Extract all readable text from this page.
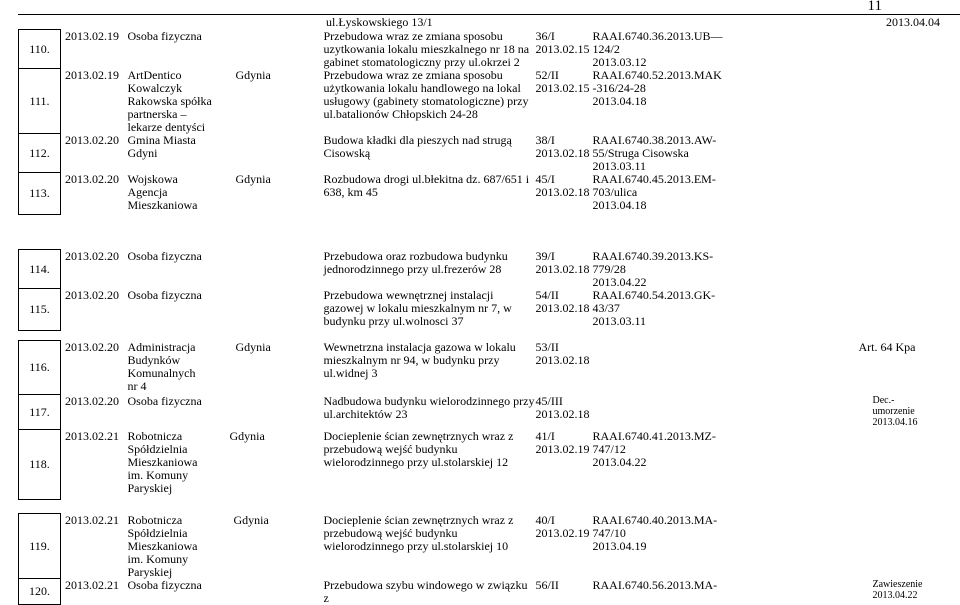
11
ul.Łyskowskiego 13/1	2013.04.04
110.	2013.02.19	Osoba fizyczna		Przebudowa wraz ze zmiana sposobu uzytkowania lokalu mieszkalnego nr 18 na gabinet stomatologiczny przy ul.okrzei 2	36/I
2013.02.15	RAAI.6740.36.2013.UB—
124/2
2013.03.12	
111.	2013.02.19	ArtDentico
Kowalczyk
Rakowska spółka
partnerska –
lekarze dentyści	Gdynia	Przebudowa wraz ze zmiana sposobu użytkowania lokalu handlowego na lokal usługowy (gabinety stomatologiczne) przy ul.batalionów Chłopskich 24-28	52/II
2013.02.15	RAAI.6740.52.2013.MAK
-316/24-28
2013.04.18	
112.	2013.02.20	Gmina Miasta
Gdyni		Budowa kładki dla pieszych nad strugą Cisowską	38/I
2013.02.18	RAAI.6740.38.2013.AW-
55/Struga Cisowska
2013.03.11	
113.	2013.02.20	Wojskowa
Agencja
Mieszkaniowa	Gdynia	Rozbudowa drogi ul.błekitna dz. 687/651 i 638, km 45	45/I
2013.02.18	RAAI.6740.45.2013.EM-
703/ulica
2013.04.18	
114.	2013.02.20	Osoba fizyczna		Przebudowa oraz rozbudowa budynku jednorodzinnego przy ul.frezerów 28	39/I
2013.02.18	RAAI.6740.39.2013.KS-
779/28
2013.04.22	
115.	2013.02.20	Osoba fizyczna		Przebudowa wewnętrznej instalacji gazowej w lokalu mieszkalnym nr 7, w budynku przy ul.wolnosci 37	54/II
2013.02.18	RAAI.6740.54.2013.GK-
43/37
2013.03.11	
116.	2013.02.20	Administracja
Budynków
Komunalnych
nr 4	Gdynia	Wewnetrzna instalacja gazowa w lokalu mieszkalnym nr 94, w budynku przy ul.widnej 3	53/II
2013.02.18		Art. 64 Kpa
117.	2013.02.20	Osoba fizyczna		Nadbudowa budynku wielorodzinnego przy ul.architektów 23	45/III
2013.02.18		Dec.-
umorzenie
2013.04.16
118.	2013.02.21	Robotnicza
Spółdzielnia
Mieszkaniowa
im. Komuny
Paryskiej	Gdynia	Docieplenie ścian zewnętrznych wraz z przebudową wejść budynku wielorodzinnego przy ul.stolarskiej 12	41/I
2013.02.19	RAAI.6740.41.2013.MZ-
747/12
2013.04.22	
119.	2013.02.21	Robotnicza
Spółdzielnia
Mieszkaniowa
im. Komuny
Paryskiej	Gdynia	Docieplenie ścian zewnętrznych wraz z przebudową wejść budynku wielorodzinnego przy ul.stolarskiej 10	40/I 2013.02.19	RAAI.6740.40.2013.MA-
747/10
2013.04.19	
120.	2013.02.21	Osoba fizyczna		Przebudowa szybu windowego w związku z	56/II	RAAI.6740.56.2013.MA-	Zawieszenie
2013.04.22
